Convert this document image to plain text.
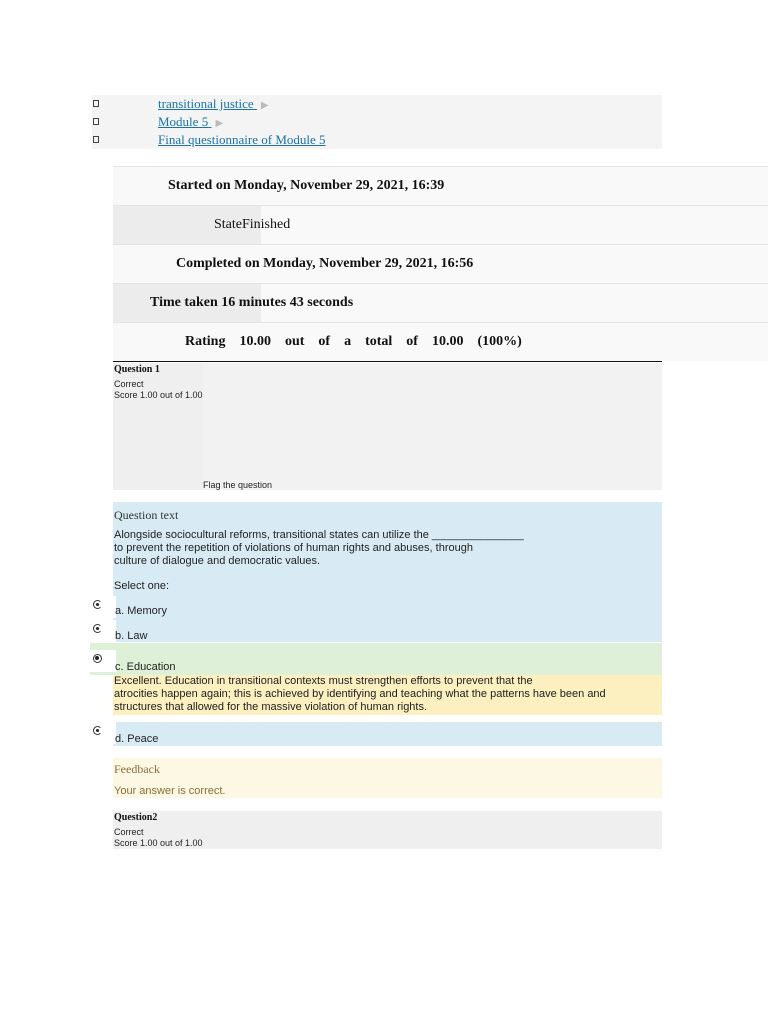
transitional justice ▶
Module 5 ▶
Final questionnaire of Module 5
Started on Monday, November 29, 2021, 16:39
StateFinished
Completed on Monday, November 29, 2021, 16:56
Time taken 16 minutes 43 seconds
Rating 10.00 out of a total of 10.00 (100%)
Question 1
Correct
Score 1.00 out of 1.00
Flag the question
Question text
Alongside sociocultural reforms, transitional states can utilize the _______________
to prevent the repetition of violations of human rights and abuses, through
culture of dialogue and democratic values.
Select one:
a. Memory
b. Law
c. Education
Excellent. Education in transitional contexts must strengthen efforts to prevent that the
atrocities happen again; this is achieved by identifying and teaching what the patterns have been and
structures that allowed for the massive violation of human rights.
d. Peace
Feedback
Your answer is correct.
Question2
Correct
Score 1.00 out of 1.00
